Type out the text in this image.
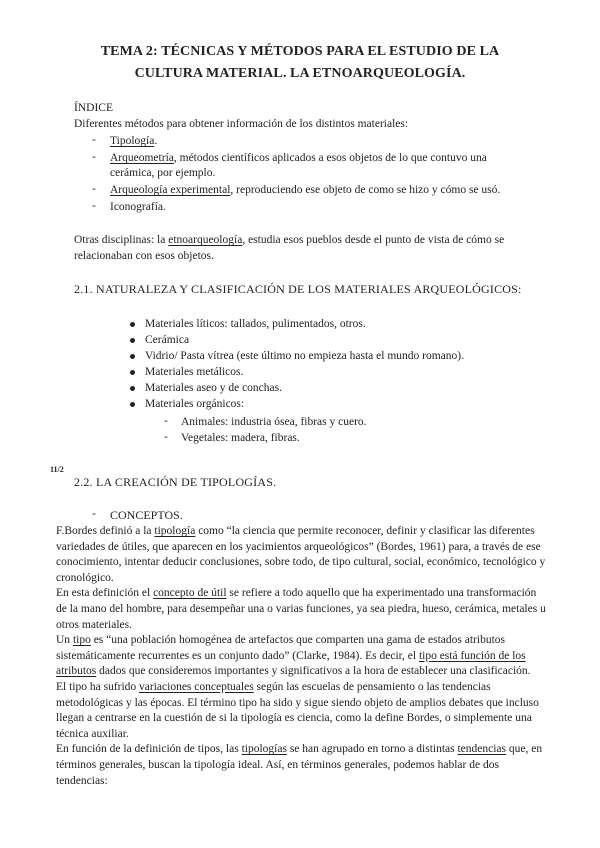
TEMA 2: TÉCNICAS Y MÉTODOS PARA EL ESTUDIO DE LA
CULTURA MATERIAL. LA ETNOARQUEOLOGÍA.
ÍNDICE
Diferentes métodos para obtener información de los distintos materiales:
- Tipología.
- Arqueometría, métodos científicos aplicados a esos objetos de lo que contuvo una
cerámica, por ejemplo.
- Arqueología experimental, reproduciendo ese objeto de como se hizo y cómo se usó.
- Iconografía.
Otras disciplinas: la etnoarqueología, estudia esos pueblos desde el punto de vista de cómo se
relacionaban con esos objetos.
2.1. NATURALEZA Y CLASIFICACIÓN DE LOS MATERIALES ARQUEOLÓGICOS:
Materiales líticos: tallados, pulimentados, otros.
Cerámica
Vidrio/ Pasta vítrea (este último no empieza hasta el mundo romano).
Materiales metálicos.
Materiales aseo y de conchas.
Materiales orgánicos:
- Animales: industria ósea, fibras y cuero.
- Vegetales: madera, fibras.
11/2
2.2. LA CREACIÓN DE TIPOLOGÍAS.
- CONCEPTOS.
F.Bordes definió a la tipología como “la ciencia que permite reconocer, definir y clasificar las diferentes variedades de útiles, que aparecen en los yacimientos arqueológicos” (Bordes, 1961) para, a través de ese conocimiento, intentar deducir conclusiones, sobre todo, de tipo cultural, social, económico, tecnológico y cronológico.
En esta definición el concepto de útil se refiere a todo aquello que ha experimentado una transformación de la mano del hombre, para desempeñar una o varias funciones, ya sea piedra, hueso, cerámica, metales u otros materiales.
Un tipo es “una población homogénea de artefactos que comparten una gama de estados atributos sistemáticamente recurrentes es un conjunto dado” (Clarke, 1984). Es decir, el tipo está función de los atributos dados que consideremos importantes y significativos a la hora de establecer una clasificación.
El tipo ha sufrido variaciones conceptuales según las escuelas de pensamiento o las tendencias metodológicas y las épocas. El término tipo ha sido y sigue siendo objeto de amplios debates que incluso llegan a centrarse en la cuestión de si la tipología es ciencia, como la define Bordes, o simplemente una técnica auxiliar.
En función de la definición de tipos, las tipologías se han agrupado en torno a distintas tendencias que, en términos generales, buscan la tipología ideal. Así, en términos generales, podemos hablar de dos tendencias:
